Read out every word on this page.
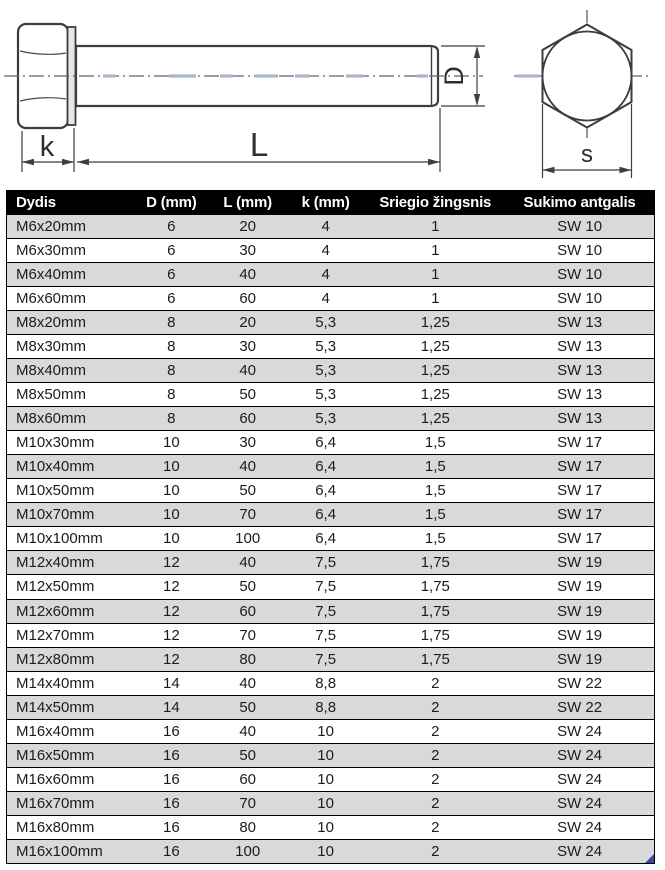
k	L
D
s
Dydis	D (mm)	L (mm)	k (mm)	Sriegio žingsnis	Sukimo antgalis
M6x20mm	6	20	4	1	SW 10
M6x30mm	6	30	4	1	SW 10
M6x40mm	6	40	4	1	SW 10
M6x60mm	6	60	4	1	SW 10
M8x20mm	8	20	5,3	1,25	SW 13
M8x30mm	8	30	5,3	1,25	SW 13
M8x40mm	8	40	5,3	1,25	SW 13
M8x50mm	8	50	5,3	1,25	SW 13
M8x60mm	8	60	5,3	1,25	SW 13
M10x30mm	10	30	6,4	1,5	SW 17
M10x40mm	10	40	6,4	1,5	SW 17
M10x50mm	10	50	6,4	1,5	SW 17
M10x70mm	10	70	6,4	1,5	SW 17
M10x100mm	10	100	6,4	1,5	SW 17
M12x40mm	12	40	7,5	1,75	SW 19
M12x50mm	12	50	7,5	1,75	SW 19
M12x60mm	12	60	7,5	1,75	SW 19
M12x70mm	12	70	7,5	1,75	SW 19
M12x80mm	12	80	7,5	1,75	SW 19
M14x40mm	14	40	8,8	2	SW 22
M14x50mm	14	50	8,8	2	SW 22
M16x40mm	16	40	10	2	SW 24
M16x50mm	16	50	10	2	SW 24
M16x60mm	16	60	10	2	SW 24
M16x70mm	16	70	10	2	SW 24
M16x80mm	16	80	10	2	SW 24
M16x100mm	16	100	10	2	SW 24
